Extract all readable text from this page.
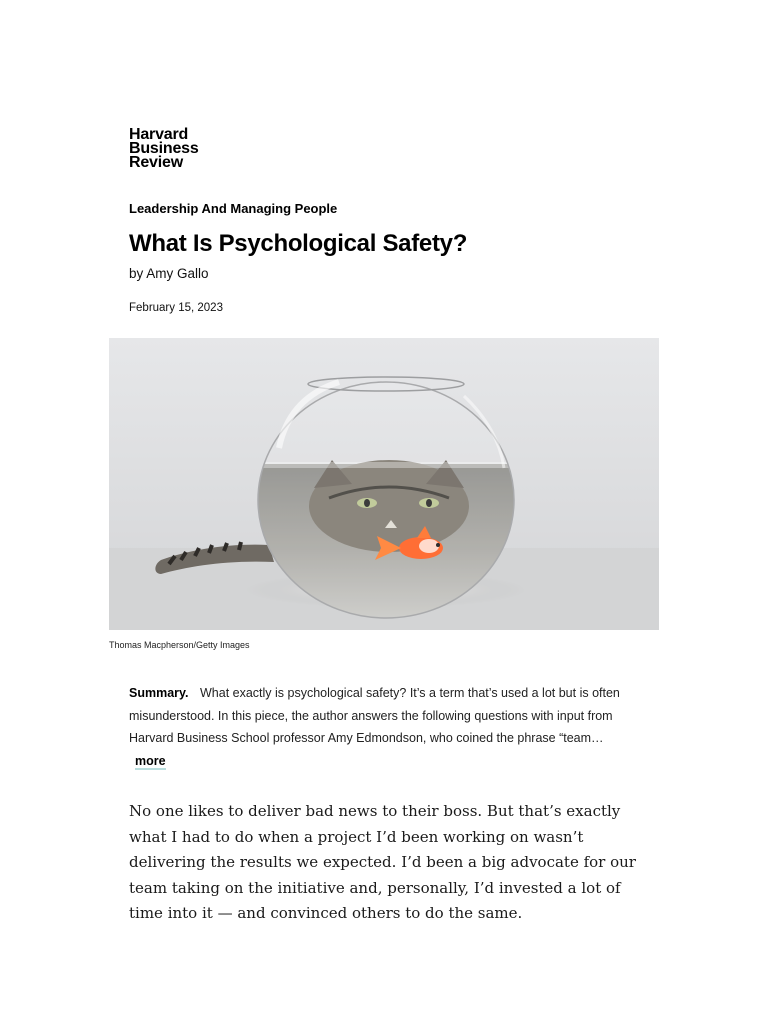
Harvard
Business
Review
Leadership And Managing People
What Is Psychological Safety?
by Amy Gallo
February 15, 2023
Thomas Macpherson/Getty Images

Summary. What exactly is psychological safety? It’s a term that’s used a lot but is often misunderstood. In this piece, the author answers the following questions with input from Harvard Business School professor Amy Edmondson, who coined the phrase “team… more

No one likes to deliver bad news to their boss. But that’s exactly what I had to do when a project I’d been working on wasn’t delivering the results we expected. I’d been a big advocate for our team taking on the initiative and, personally, I’d invested a lot of time into it — and convinced others to do the same.
